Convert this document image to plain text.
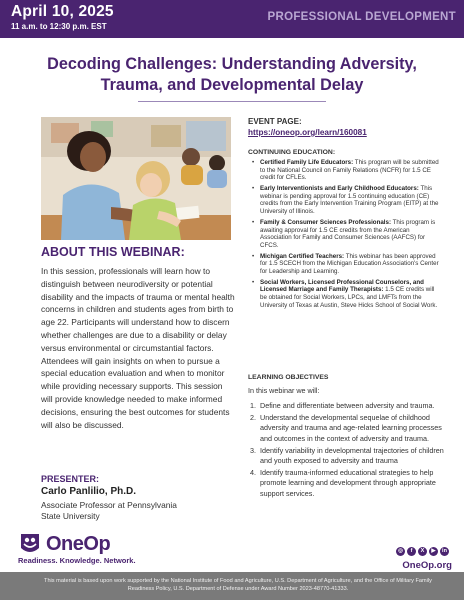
April 10, 2025
11 a.m. to 12:30 p.m. EST
PROFESSIONAL DEVELOPMENT
Decoding Challenges: Understanding Adversity,
Trauma, and Developmental Delay
ABOUT THIS WEBINAR:

In this session, professionals will learn how to distinguish between neurodiversity or potential disability and the impacts of trauma or mental health concerns in children and students ages from birth to age 22. Participants will understand how to discern whether challenges are due to a disability or delay versus environmental or circumstantial factors. Attendees will gain insights on when to pursue a special education evaluation and when to monitor while providing necessary supports. This session will provide knowledge needed to make informed decisions, ensuring the best outcomes for students will also be discussed.

PRESENTER:
Carlo Panlilio, Ph.D.
Associate Professor at Pennsylvania
State University
EVENT PAGE:
https://oneop.org/learn/160081
CONTINUING EDUCATION:
• Certified Family Life Educators: This program will be submitted to the National Council on Family Relations (NCFR) for 1.5 CE credit for CFLEs.
• Early Interventionists and Early Childhood Educators: This webinar is pending approval for 1.5 continuing education (CE) credits from the Early Intervention Training Program (EITP) at the University of Illinois.
• Family & Consumer Sciences Professionals: This program is awaiting approval for 1.5 CE credits from the American Association for Family and Consumer Sciences (AAFCS) for CFCS.
• Michigan Certified Teachers: This webinar has been approved for 1.5 SCECH from the Michigan Education Association's Center for Leadership and Learning.
• Social Workers, Licensed Professional Counselors, and Licensed Marriage and Family Therapists: 1.5 CE credits will be obtained for Social Workers, LPCs, and LMFTs from the University of Texas at Austin, Steve Hicks School of Social Work.
LEARNING OBJECTIVES
In this webinar we will:
1. Define and differentiate between adversity and trauma.
2. Understand the developmental sequelae of childhood adversity and trauma and age-related learning processes and outcomes in the context of adversity and trauma.
3. Identify variability in developmental trajectories of children and youth exposed to adversity and trauma
4. Identify trauma-informed educational strategies to help promote learning and development through appropriate support services.
OneOp
Readiness. Knowledge. Network.
◎	f	X	▶	in
OneOp.org

This material is based upon work supported by the National Institute of Food and Agriculture, U.S. Department of Agriculture, and the Office of Military Family Readiness Policy, U.S. Department of Defense under Award Number 2023-48770-41333.
